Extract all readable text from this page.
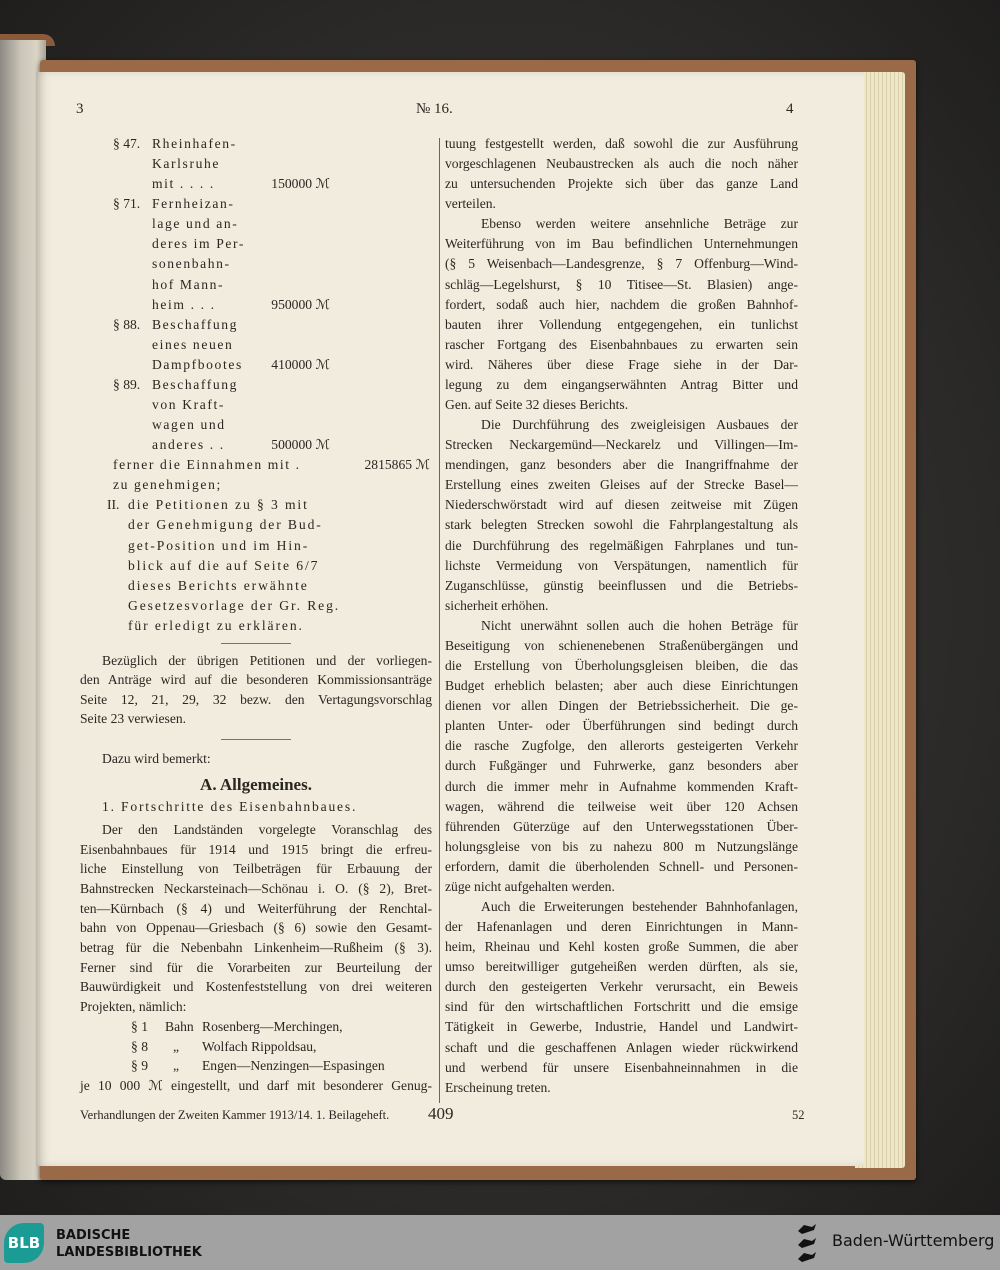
3	№ 16.	4
§ 47. Rheinhafen-
Karlsruhe
mit . . . .	150000 ℳ
§ 71. Fernheizan-
lage und an-
deres im Per-
sonenbahn-
hof Mann-
heim . . .	950000 ℳ
§ 88. Beschaffung
eines neuen
Dampfbootes 410000 ℳ
§ 89. Beschaffung
von Kraft-
wagen und
anderes . .	500000 ℳ
ferner die Einnahmen mit .	2815865 ℳ
zu genehmigen;
II. die Petitionen zu § 3 mit
der Genehmigung der Bud-
get-Position und im Hin-
blick auf die auf Seite 6/7
dieses Berichts erwähnte
Gesetzesvorlage der Gr. Reg.
für erledigt zu erklären.
Bezüglich der übrigen Petitionen und der vorliegen-
den Anträge wird auf die besonderen Kommissionsanträge
Seite 12, 21, 29, 32 bezw. den Vertagungsvorschlag
Seite 23 verwiesen.
Dazu wird bemerkt:
A. Allgemeines.
1. Fortschritte des Eisenbahnbaues.
Der den Landständen vorgelegte Voranschlag des
Eisenbahnbaues für 1914 und 1915 bringt die erfreu-
liche Einstellung von Teilbeträgen für Erbauung der
Bahnstrecken Neckarsteinach—Schönau i. O. (§ 2), Bret-
ten—Kürnbach (§ 4) und Weiterführung der Renchtal-
bahn von Oppenau—Griesbach (§ 6) sowie den Gesamt-
betrag für die Nebenbahn Linkenheim—Rußheim (§ 3).
Ferner sind für die Vorarbeiten zur Beurteilung der
Bauwürdigkeit und Kostenfeststellung von drei weiteren
Projekten, nämlich:
§ 1 Bahn Rosenberg—Merchingen,
§ 8 „ Wolfach Rippoldsau,
§ 9 „ Engen—Nenzingen—Espasingen
je 10 000 ℳ eingestellt, und darf mit besonderer Genug-
tuung festgestellt werden, daß sowohl die zur Ausführung
vorgeschlagenen Neubaustrecken als auch die noch näher
zu untersuchenden Projekte sich über das ganze Land
verteilen.
Ebenso werden weitere ansehnliche Beträge zur
Weiterführung von im Bau befindlichen Unternehmungen
(§ 5 Weisenbach—Landesgrenze, § 7 Offenburg—Wind-
schläg—Legelshurst, § 10 Titisee—St. Blasien) ange-
fordert, sodaß auch hier, nachdem die großen Bahnhof-
bauten ihrer Vollendung entgegengehen, ein tunlichst
rascher Fortgang des Eisenbahnbaues zu erwarten sein
wird. Näheres über diese Frage siehe in der Dar-
legung zu dem eingangserwähnten Antrag Bitter und
Gen. auf Seite 32 dieses Berichts.
Die Durchführung des zweigleisigen Ausbaues der
Strecken Neckargemünd—Neckarelz und Villingen—Im-
mendingen, ganz besonders aber die Inangriffnahme der
Erstellung eines zweiten Gleises auf der Strecke Basel—
Niederschwörstadt wird auf diesen zeitweise mit Zügen
stark belegten Strecken sowohl die Fahrplangestaltung als
die Durchführung des regelmäßigen Fahrplanes und tun-
lichste Vermeidung von Verspätungen, namentlich für
Zuganschlüsse, günstig beeinflussen und die Betriebs-
sicherheit erhöhen.
Nicht unerwähnt sollen auch die hohen Beträge für
Beseitigung von schienenebenen Straßenübergängen und
die Erstellung von Überholungsgleisen bleiben, die das
Budget erheblich belasten; aber auch diese Einrichtungen
dienen vor allen Dingen der Betriebssicherheit. Die ge-
planten Unter- oder Überführungen sind bedingt durch
die rasche Zugfolge, den allerorts gesteigerten Verkehr
durch Fußgänger und Fuhrwerke, ganz besonders aber
durch die immer mehr in Aufnahme kommenden Kraft-
wagen, während die teilweise weit über 120 Achsen
führenden Güterzüge auf den Unterwegsstationen Über-
holungsgleise von bis zu nahezu 800 m Nutzungslänge
erfordern, damit die überholenden Schnell- und Personen-
züge nicht aufgehalten werden.
Auch die Erweiterungen bestehender Bahnhofanlagen,
der Hafenanlagen und deren Einrichtungen in Mann-
heim, Rheinau und Kehl kosten große Summen, die aber
umso bereitwilliger gutgeheißen werden dürften, als sie,
durch den gesteigerten Verkehr verursacht, ein Beweis
sind für den wirtschaftlichen Fortschritt und die emsige
Tätigkeit in Gewerbe, Industrie, Handel und Landwirt-
schaft und die geschaffenen Anlagen wieder rückwirkend
und werbend für unsere Eisenbahneinnahmen in die
Erscheinung treten.
Verhandlungen der Zweiten Kammer 1913/14. 1. Beilageheft. 409	52
BLB BADISCHE
LANDESBIBLIOTHEK
Baden-Württemberg
